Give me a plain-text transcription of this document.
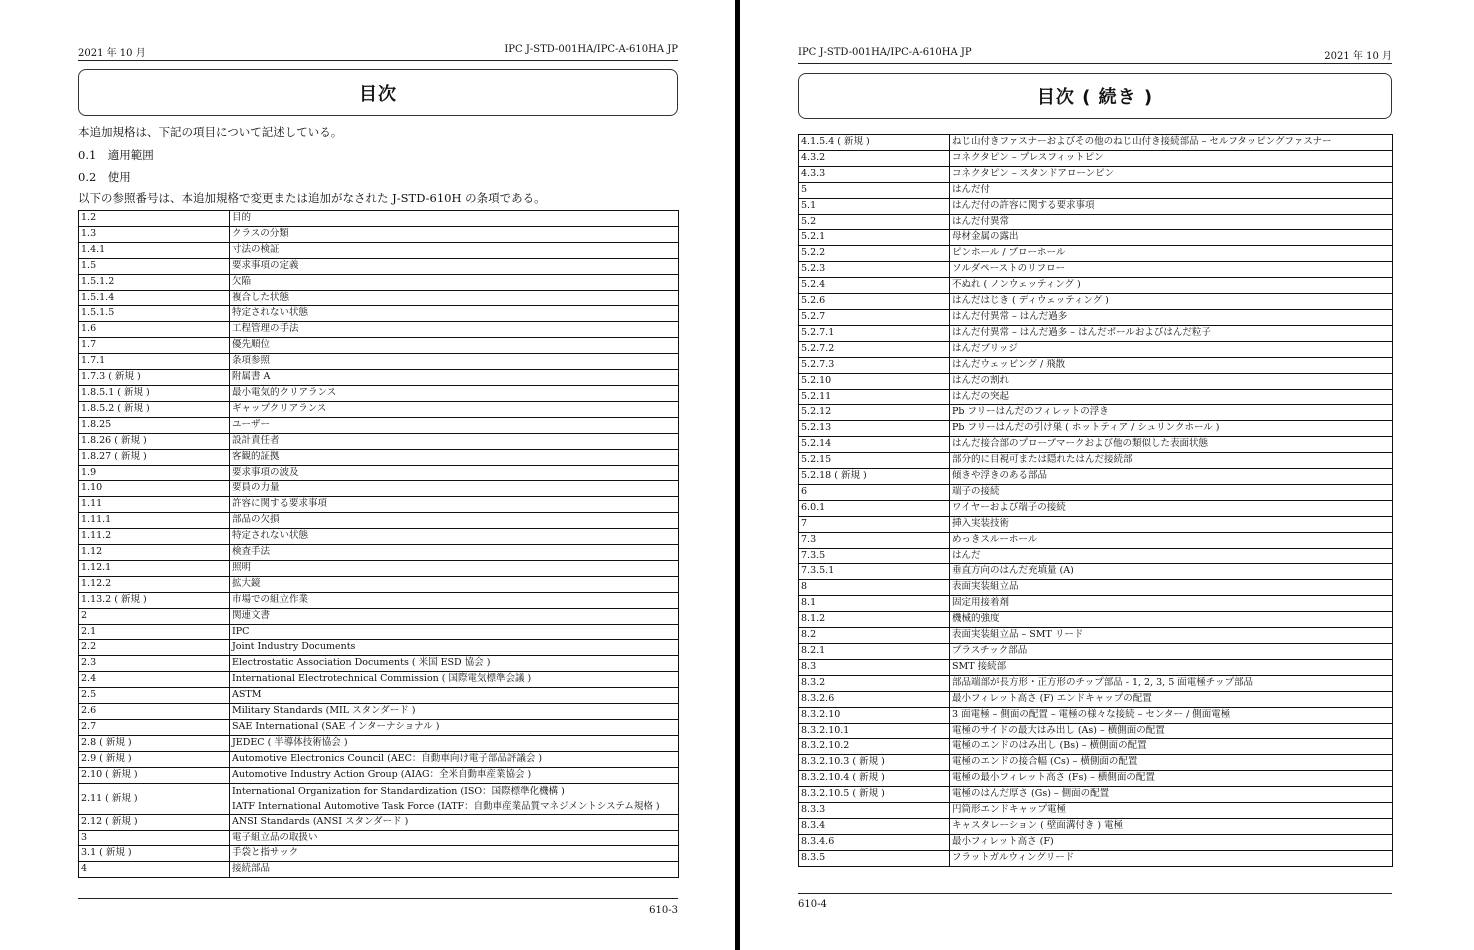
2021 年 10 月	IPC J-STD-001HA/IPC-A-610HA JP
目次
本追加規格は、下記の項目について記述している。
0.1　適用範囲
0.2　使用
以下の参照番号は、本追加規格で変更または追加がなされた J-STD-610H の条項である。
1.2	目的
1.3	クラスの分類
1.4.1	寸法の検証
1.5	要求事項の定義
1.5.1.2	欠陥
1.5.1.4	複合した状態
1.5.1.5	特定されない状態
1.6	工程管理の手法
1.7	優先順位
1.7.1	条項参照
1.7.3 ( 新規 )	附属書 A
1.8.5.1 ( 新規 )	最小電気的クリアランス
1.8.5.2 ( 新規 )	ギャップクリアランス
1.8.25	ユーザー
1.8.26 ( 新規 )	設計責任者
1.8.27 ( 新規 )	客観的証拠
1.9	要求事項の波及
1.10	要員の力量
1.11	許容に関する要求事項
1.11.1	部品の欠損
1.11.2	特定されない状態
1.12	検査手法
1.12.1	照明
1.12.2	拡大鏡
1.13.2 ( 新規 )	市場での組立作業
2	関連文書
2.1	IPC
2.2	Joint Industry Documents
2.3	Electrostatic Association Documents ( 米国 ESD 協会 )
2.4	International Electrotechnical Commission ( 国際電気標準会議 )
2.5	ASTM
2.6	Military Standards (MIL スタンダード )
2.7	SAE International (SAE インターナショナル )
2.8 ( 新規 )	JEDEC ( 半導体技術協会 )
2.9 ( 新規 )	Automotive Electronics Council (AEC：自動車向け電子部品評議会 )
2.10 ( 新規 )	Automotive Industry Action Group (AIAG：全米自動車産業協会 )
2.11 ( 新規 )	International Organization for Standardization (ISO：国際標準化機構 )
IATF International Automotive Task Force (IATF：自動車産業品質マネジメントシステム規格 )

2.12 ( 新規 )	ANSI Standards (ANSI スタンダード )
3	電子組立品の取扱い
3.1 ( 新規 )	手袋と指サック
4	接続部品
610-3
IPC J-STD-001HA/IPC-A-610HA JP	2021 年 10 月
目次 ( 続き )
4.1.5.4 ( 新規 )	ねじ山付きファスナーおよびその他のねじ山付き接続部品 – セルフタッピングファスナー
4.3.2	コネクタピン – プレスフィットピン
4.3.3	コネクタピン – スタンドアローンピン
5	はんだ付
5.1	はんだ付の許容に関する要求事項
5.2	はんだ付異常
5.2.1	母材金属の露出
5.2.2	ピンホール / ブローホール
5.2.3	ソルダペーストのリフロー
5.2.4	不ぬれ ( ノンウェッティング )
5.2.6	はんだはじき ( ディウェッティング )
5.2.7	はんだ付異常 – はんだ過多
5.2.7.1	はんだ付異常 – はんだ過多 – はんだボールおよびはんだ粒子
5.2.7.2	はんだブリッジ
5.2.7.3	はんだウェッビング / 飛散
5.2.10	はんだの割れ
5.2.11	はんだの突起
5.2.12	Pb フリーはんだのフィレットの浮き
5.2.13	Pb フリーはんだの引け巣 ( ホットティア / シュリンクホール )
5.2.14	はんだ接合部のプローブマークおよび他の類似した表面状態
5.2.15	部分的に目視可または隠れたはんだ接続部
5.2.18 ( 新規 )	傾きや浮きのある部品
6	端子の接続
6.0.1	ワイヤーおよび端子の接続
7	挿入実装技術
7.3	めっきスルーホール
7.3.5	はんだ
7.3.5.1	垂直方向のはんだ充填量 (A)
8	表面実装組立品
8.1	固定用接着剤
8.1.2	機械的強度
8.2	表面実装組立品 – SMT リード
8.2.1	プラスチック部品
8.3	SMT 接続部
8.3.2	部品端部が長方形・正方形のチップ部品 - 1, 2, 3, 5 面電極チップ部品
8.3.2.6	最小フィレット高さ (F) エンドキャップの配置
8.3.2.10	3 面電極 – 側面の配置 – 電極の様々な接続 – センター / 側面電極
8.3.2.10.1	電極のサイドの最大はみ出し (As) – 横側面の配置
8.3.2.10.2	電極のエンドのはみ出し (Bs) – 横側面の配置
8.3.2.10.3 ( 新規 )	電極のエンドの接合幅 (Cs) – 横側面の配置
8.3.2.10.4 ( 新規 )	電極の最小フィレット高さ (Fs) – 横側面の配置
8.3.2.10.5 ( 新規 )	電極のはんだ厚さ (Gs) – 側面の配置
8.3.3	円筒形エンドキャップ電極
8.3.4	キャスタレーション ( 壁面溝付き ) 電極
8.3.4.6	最小フィレット高さ (F)
8.3.5	フラットガルウィングリード
610-4
